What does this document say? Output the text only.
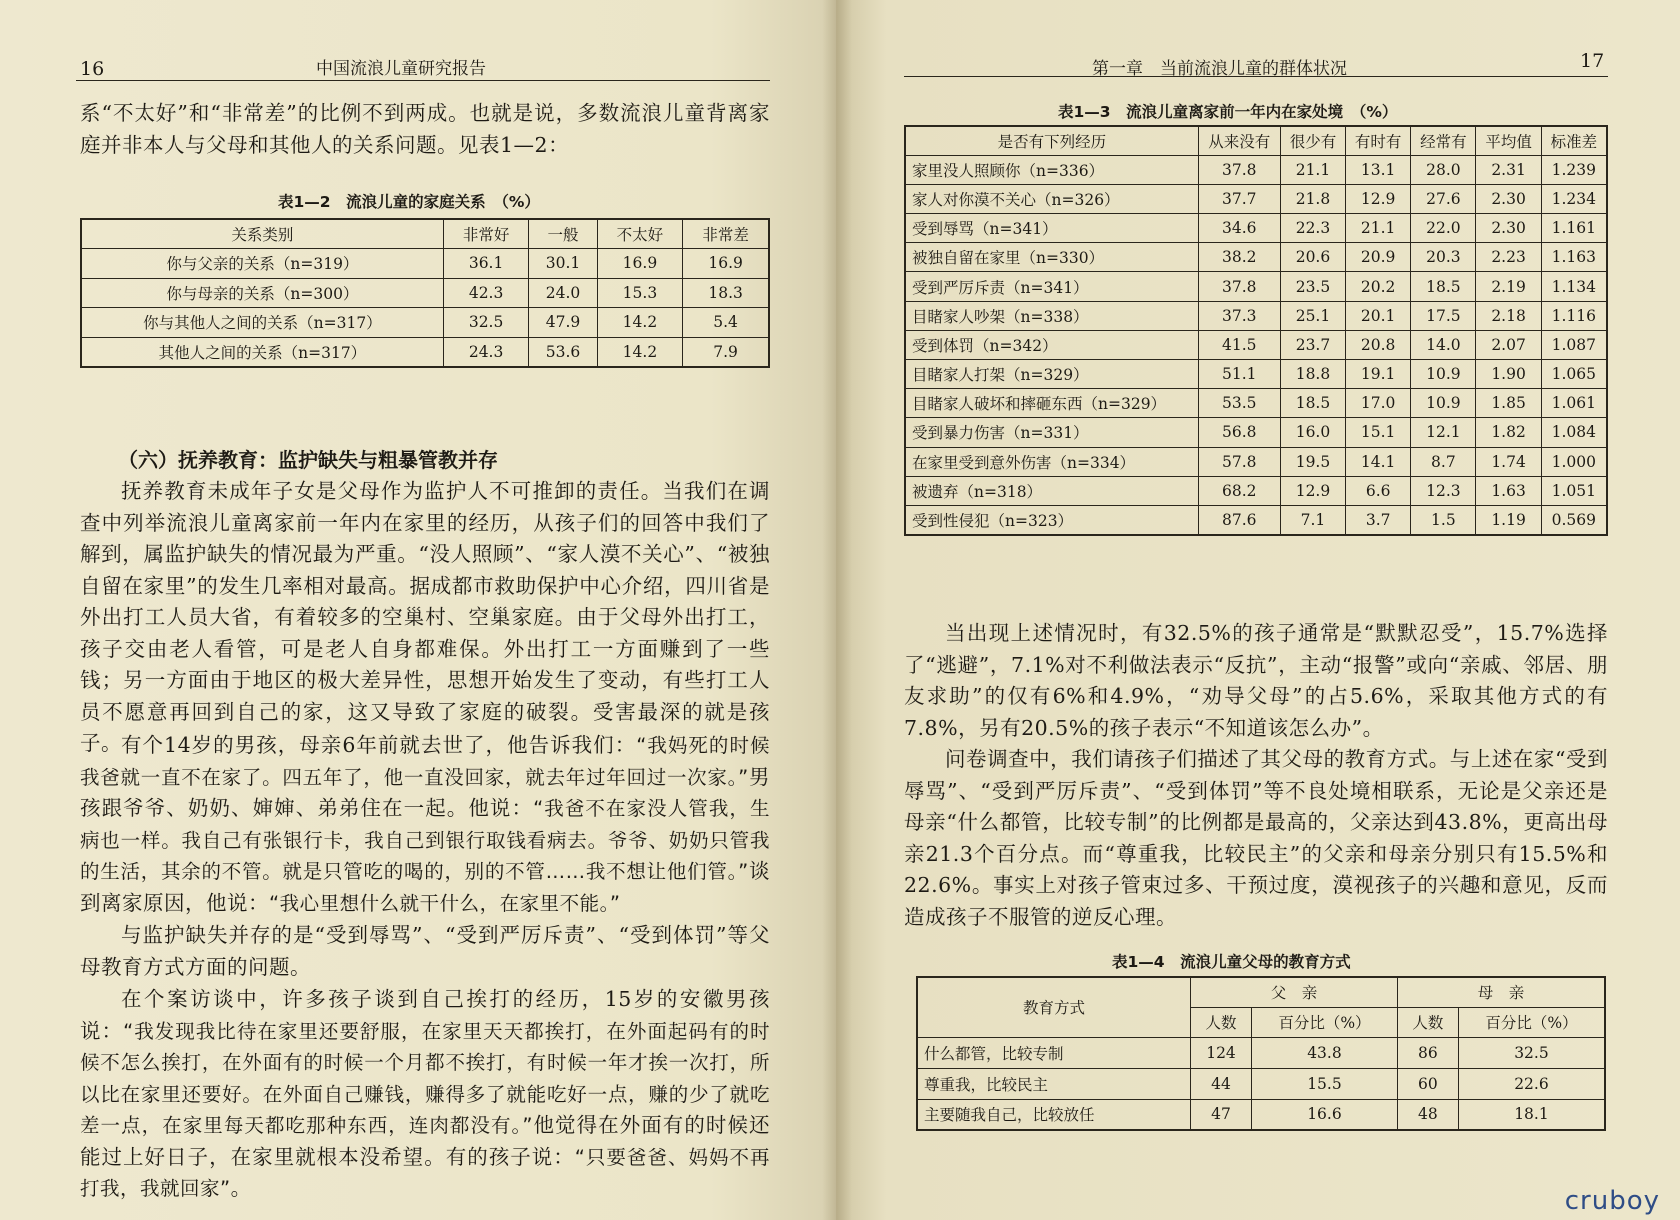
16	中国流浪儿童研究报告

系“不太好”和“非常差”的比例不到两成。也就是说，多数流浪儿童背离家庭并非本人与父母和其他人的关系问题。见表1—2：

表1—2　流浪儿童的家庭关系　（%）
关系类别	非常好	一般	不太好	非常差
你与父亲的关系（n=319）	36.1	30.1	16.9	16.9
你与母亲的关系（n=300）	42.3	24.0	15.3	18.3
你与其他人之间的关系（n=317）	32.5	47.9	14.2	5.4
其他人之间的关系（n=317）	24.3	53.6	14.2	7.9
（六）抚养教育：监护缺失与粗暴管教并存

抚养教育未成年子女是父母作为监护人不可推卸的责任。当我们在调查中列举流浪儿童离家前一年内在家里的经历，从孩子们的回答中我们了解到，属监护缺失的情况最为严重。“没人照顾”、“家人漠不关心”、“被独自留在家里”的发生几率相对最高。据成都市救助保护中心介绍，四川省是外出打工人员大省，有着较多的空巢村、空巢家庭。由于父母外出打工，孩子交由老人看管，可是老人自身都难保。外出打工一方面赚到了一些钱；另一方面由于地区的极大差异性，思想开始发生了变动，有些打工人员不愿意再回到自己的家，这又导致了家庭的破裂。受害最深的就是孩子。 有个14岁的男孩，母亲6年前就去世了，他告诉我们：“我妈死的时候我爸就一直不在家了。四五年了，他一直没回家，就去年过年回过一次家。”男孩跟爷爷、奶奶、婶婶、弟弟住在一起。他说：“我爸不在家没人管我，生病也一样。我自己有张银行卡，我自己到银行取钱看病去。爷爷、奶奶只管我的生活，其余的不管。就是只管吃的喝的，别的不管……我不想让他们管。”谈到离家原因，他说：“我心里想什么就干什么，在家里不能。”

与监护缺失并存的是“受到辱骂”、“受到严厉斥责”、“受到体罚”等父母教育方式方面的问题。

在个案访谈中，许多孩子谈到自己挨打的经历，15岁的安徽男孩说：“我发现我比待在家里还要舒服，在家里天天都挨打，在外面起码有的时候不怎么挨打，在外面有的时候一个月都不挨打，有时候一年才挨一次打，所以比在家里还要好。在外面自己赚钱，赚得多了就能吃好一点，赚的少了就吃差一点，在家里每天都吃那种东西，连肉都没有。”他觉得在外面有的时候还能过上好日子，在家里就根本没希望。有的孩子说：“只要爸爸、妈妈不再打我，我就回家”。

第一章　当前流浪儿童的群体状况	17
表1—3　流浪儿童离家前一年内在家处境　（%）
是否有下列经历	从来没有	很少有	有时有	经常有	平均值	标准差
家里没人照顾你（n=336）	37.8	21.1	13.1	28.0	2.31	1.239
家人对你漠不关心（n=326）	37.7	21.8	12.9	27.6	2.30	1.234
受到辱骂（n=341）	34.6	22.3	21.1	22.0	2.30	1.161
被独自留在家里（n=330）	38.2	20.6	20.9	20.3	2.23	1.163
受到严厉斥责（n=341）	37.8	23.5	20.2	18.5	2.19	1.134
目睹家人吵架（n=338）	37.3	25.1	20.1	17.5	2.18	1.116
受到体罚（n=342）	41.5	23.7	20.8	14.0	2.07	1.087
目睹家人打架（n=329）	51.1	18.8	19.1	10.9	1.90	1.065
目睹家人破坏和摔砸东西（n=329）	53.5	18.5	17.0	10.9	1.85	1.061
受到暴力伤害（n=331）	56.8	16.0	15.1	12.1	1.82	1.084
在家里受到意外伤害（n=334）	57.8	19.5	14.1	8.7	1.74	1.000
被遗弃（n=318）	68.2	12.9	6.6	12.3	1.63	1.051
受到性侵犯（n=323）	87.6	7.1	3.7	1.5	1.19	0.569

当出现上述情况时，有32.5%的孩子通常是“默默忍受”，15.7%选择了“逃避”，7.1%对不利做法表示“反抗”，主动“报警”或向“亲戚、邻居、朋友求助”的仅有6%和4.9%，“劝导父母”的占5.6%，采取其他方式的有7.8%，另有20.5%的孩子表示“不知道该怎么办”。

问卷调查中，我们请孩子们描述了其父母的教育方式。与上述在家“受到辱骂”、“受到严厉斥责”、“受到体罚”等不良处境相联系，无论是父亲还是母亲“什么都管，比较专制”的比例都是最高的，父亲达到43.8%，更高出母亲21.3个百分点。而“尊重我，比较民主”的父亲和母亲分别只有15.5%和22.6%。事实上对孩子管束过多、干预过度，漠视孩子的兴趣和意见，反而造成孩子不服管的逆反心理。

表1—4　流浪儿童父母的教育方式
教育方式	父　亲		母　亲	
	人数	百分比（%）	人数	百分比（%）
什么都管，比较专制	124	43.8	86	32.5
尊重我，比较民主	44	15.5	60	22.6
主要随我自己，比较放任	47	16.6	48	18.1
cruboy
